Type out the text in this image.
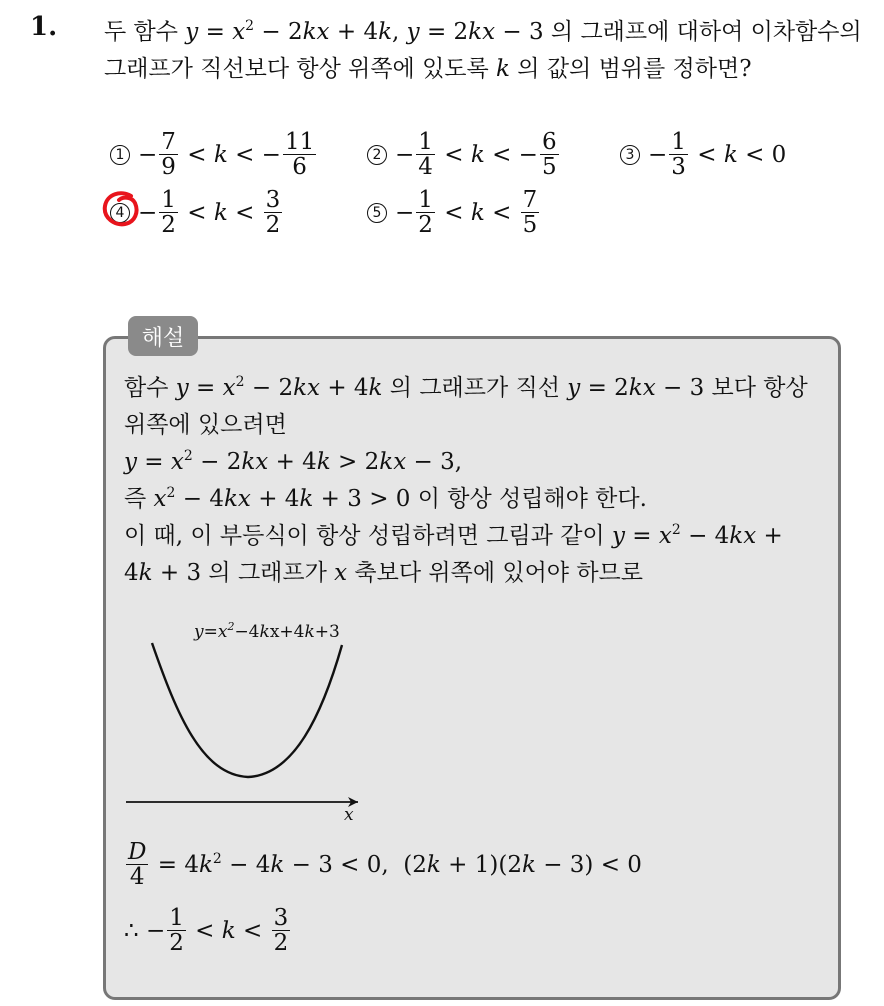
1. 두 함수 $y = x^2 - 2kx + 4k$, y = 2kx − 3 의 그래프에 대하여 이차함수의
그래프가 직선보다 항상 위쪽에 있도록 k 의 값의 범위를 정하면?
$1 - \frac{7}{9} < k$ < − $\frac{11}{6}$	$2 - \frac{1}{4} < k$ < − $\frac{6}{5}$	$3 - \frac{1}{3} < k < 0$
$4 - \frac{1}{2} < k < \frac{3}{2}$	$5 - \frac{1}{2} < k < \frac{7}{5}$
해설

함수 $y = x^2 - 2kx + 4k$ 의 그래프가 직선 y = 2kx − 3 보다 항상

위쪽에 있으려면

$y = x^2 - 2kx + 4k > 2kx - 3$,

즉 $x^2 - 4kx + 4k + 3 > 0$ 이 항상 성립해야 한다.

이 때, 이 부등식이 항상 성립하려면 그림과 같이 $y = x^2 - 4kx$ +

4k + 3 의 그래프가 x 축보다 위쪽에 있어야 하므로

$y=x^2-4kx+4k+3$
x
$\frac{D}{4} = 4k^2 - 4k - 3 < 0$,  (2k + 1)(2k − 3) < 0
∴ − $\frac{1}{2} < k < \frac{3}{2}$
